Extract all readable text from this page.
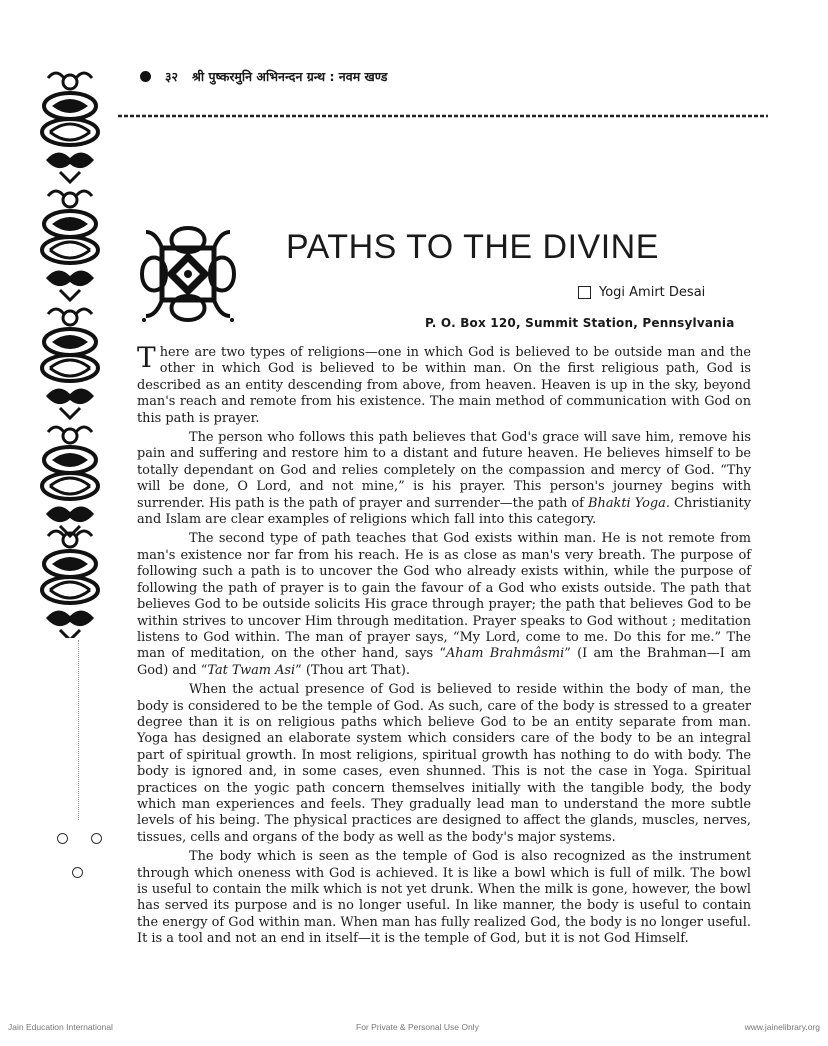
३२ श्री पुष्करमुनि अभिनन्दन ग्रन्थ : नवम खण्ड
PATHS TO THE DIVINE
Yogi Amirt Desai
P. O. Box 120, Summit Station, Pennsylvania

There are two types of religions—one in which God is believed to be outside man and the other in which God is believed to be within man. On the first religious path, God is described as an entity descending from above, from heaven. Heaven is up in the sky, beyond man's reach and remote from his existence. The main method of communication with God on this path is prayer.

The person who follows this path believes that God's grace will save him, remove his pain and suffering and restore him to a distant and future heaven. He believes himself to be totally dependant on God and relies completely on the compassion and mercy of God. “Thy will be done, O Lord, and not mine,” is his prayer. This person's journey begins with surrender. His path is the path of prayer and surrender—the path of Bhakti Yoga. Christianity and Islam are clear examples of religions which fall into this category.

The second type of path teaches that God exists within man. He is not remote from man's existence nor far from his reach. He is as close as man's very breath. The purpose of following such a path is to uncover the God who already exists within, while the purpose of following the path of prayer is to gain the favour of a God who exists outside. The path that believes God to be outside solicits His grace through prayer; the path that believes God to be within strives to uncover Him through meditation. Prayer speaks to God without ; meditation listens to God within. The man of prayer says, “My Lord, come to me. Do this for me.” The man of meditation, on the other hand, says “Aham Brahmâsmi” (I am the Brahman—I am God) and “Tat Twam Asi” (Thou art That).

When the actual presence of God is believed to reside within the body of man, the body is considered to be the temple of God. As such, care of the body is stressed to a greater degree than it is on religious paths which believe God to be an entity separate from man. Yoga has designed an elaborate system which considers care of the body to be an integral part of spiritual growth. In most religions, spiritual growth has nothing to do with body. The body is ignored and, in some cases, even shunned. This is not the case in Yoga. Spiritual practices on the yogic path concern themselves initially with the tangible body, the body which man experiences and feels. They gradually lead man to understand the more subtle levels of his being. The physical practices are designed to affect the glands, muscles, nerves, tissues, cells and organs of the body as well as the body's major systems.

The body which is seen as the temple of God is also recognized as the instrument through which oneness with God is achieved. It is like a bowl which is full of milk. The bowl is useful to contain the milk which is not yet drunk. When the milk is gone, however, the bowl has served its purpose and is no longer useful. In like manner, the body is useful to contain the energy of God within man. When man has fully realized God, the body is no longer useful. It is a tool and not an end in itself—it is the temple of God, but it is not God Himself.

Jain Education International	For Private & Personal Use Only	www.jainelibrary.org
